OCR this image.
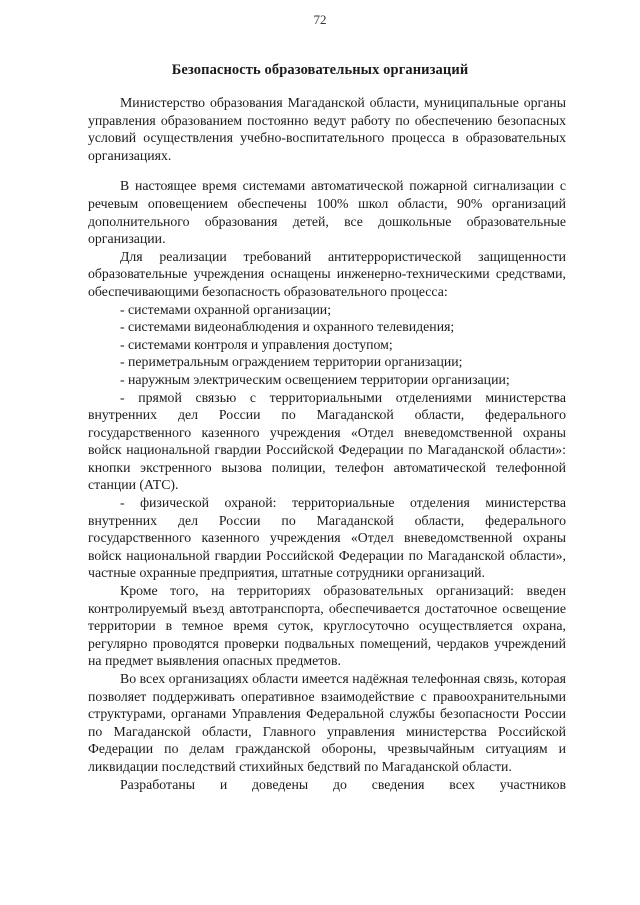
72
Безопасность образовательных организаций

Министерство образования Магаданской области, муниципальные органы управления образованием постоянно ведут работу по обеспечению безопасных условий осуществления учебно-воспитательного процесса в образовательных организациях.

В настоящее время системами автоматической пожарной сигнализации с речевым оповещением обеспечены 100% школ области, 90% организаций дополнительного образования детей, все дошкольные образовательные организации.

Для реализации требований антитеррористической защищенности образовательные учреждения оснащены инженерно-техническими средствами, обеспечивающими безопасность образовательного процесса:

- системами охранной организации;
- системами видеонаблюдения и охранного телевидения;
- системами контроля и управления доступом;
- периметральным ограждением территории организации;
- наружным электрическим освещением территории организации;
- прямой связью с территориальными отделениями министерства внутренних дел России по Магаданской области, федерального государственного казенного учреждения «Отдел вневедомственной охраны войск национальной гвардии Российской Федерации по Магаданской области»: кнопки экстренного вызова полиции, телефон автоматической телефонной станции (АТС).
- физической охраной: территориальные отделения министерства внутренних дел России по Магаданской области, федерального государственного казенного учреждения «Отдел вневедомственной охраны войск национальной гвардии Российской Федерации по Магаданской области», частные охранные предприятия, штатные сотрудники организаций.

Кроме того, на территориях образовательных организаций: введен контролируемый въезд автотранспорта, обеспечивается достаточное освещение территории в темное время суток, круглосуточно осуществляется охрана, регулярно проводятся проверки подвальных помещений, чердаков учреждений на предмет выявления опасных предметов.

Во всех организациях области имеется надёжная телефонная связь, которая позволяет поддерживать оперативное взаимодействие с правоохранительными структурами, органами Управления Федеральной службы безопасности России по Магаданской области, Главного управления министерства Российской Федерации по делам гражданской обороны, чрезвычайным ситуациям и ликвидации последствий стихийных бедствий по Магаданской области.

Разработаны и доведены до сведения всех участников
